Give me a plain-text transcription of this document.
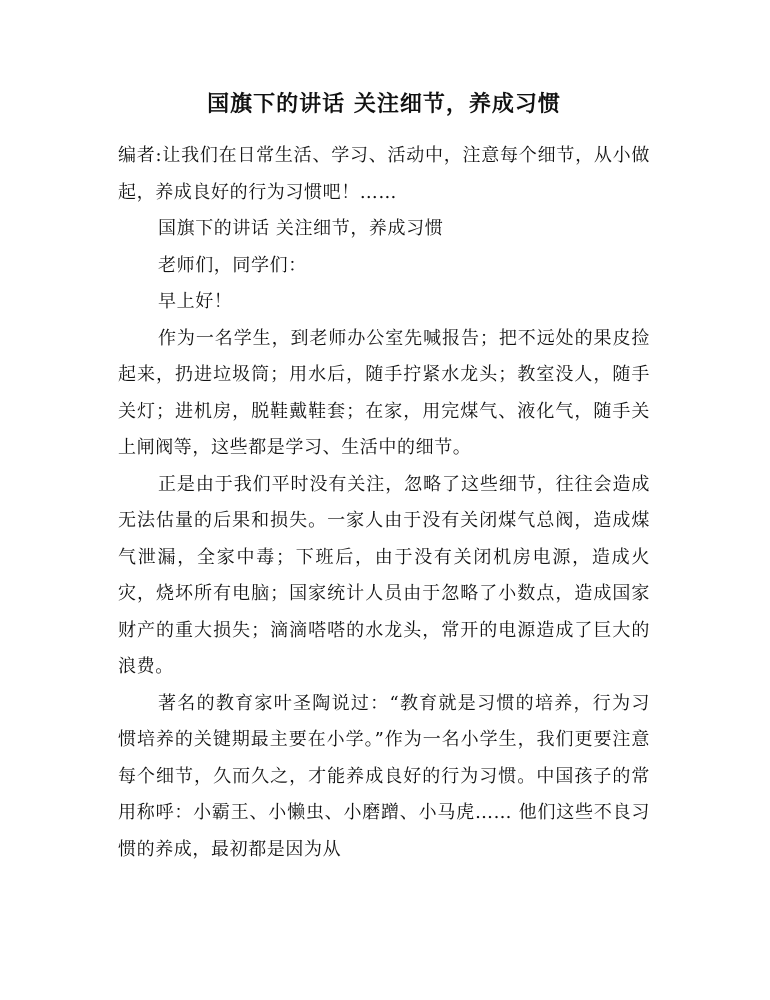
国旗下的讲话 关注细节，养成习惯

编者:让我们在日常生活、学习、活动中，注意每个细节，从小做起，养成良好的行为习惯吧！……

国旗下的讲话 关注细节，养成习惯

老师们，同学们：

早上好！

作为一名学生，到老师办公室先喊报告；把不远处的果皮捡起来，扔进垃圾筒；用水后，随手拧紧水龙头；教室没人，随手关灯；进机房，脱鞋戴鞋套；在家，用完煤气、液化气，随手关上闸阀等，这些都是学习、生活中的细节。

正是由于我们平时没有关注，忽略了这些细节，往往会造成无法估量的后果和损失。一家人由于没有关闭煤气总阀，造成煤气泄漏，全家中毒；下班后，由于没有关闭机房电源，造成火灾，烧坏所有电脑；国家统计人员由于忽略了小数点，造成国家财产的重大损失；滴滴嗒嗒的水龙头，常开的电源造成了巨大的浪费。

著名的教育家叶圣陶说过：“教育就是习惯的培养，行为习惯培养的关键期最主要在小学。”作为一名小学生，我们更要注意每个细节，久而久之，才能养成良好的行为习惯。中国孩子的常用称呼：小霸王、小懒虫、小磨蹭、小马虎…… 他们这些不良习惯的养成，最初都是因为从
